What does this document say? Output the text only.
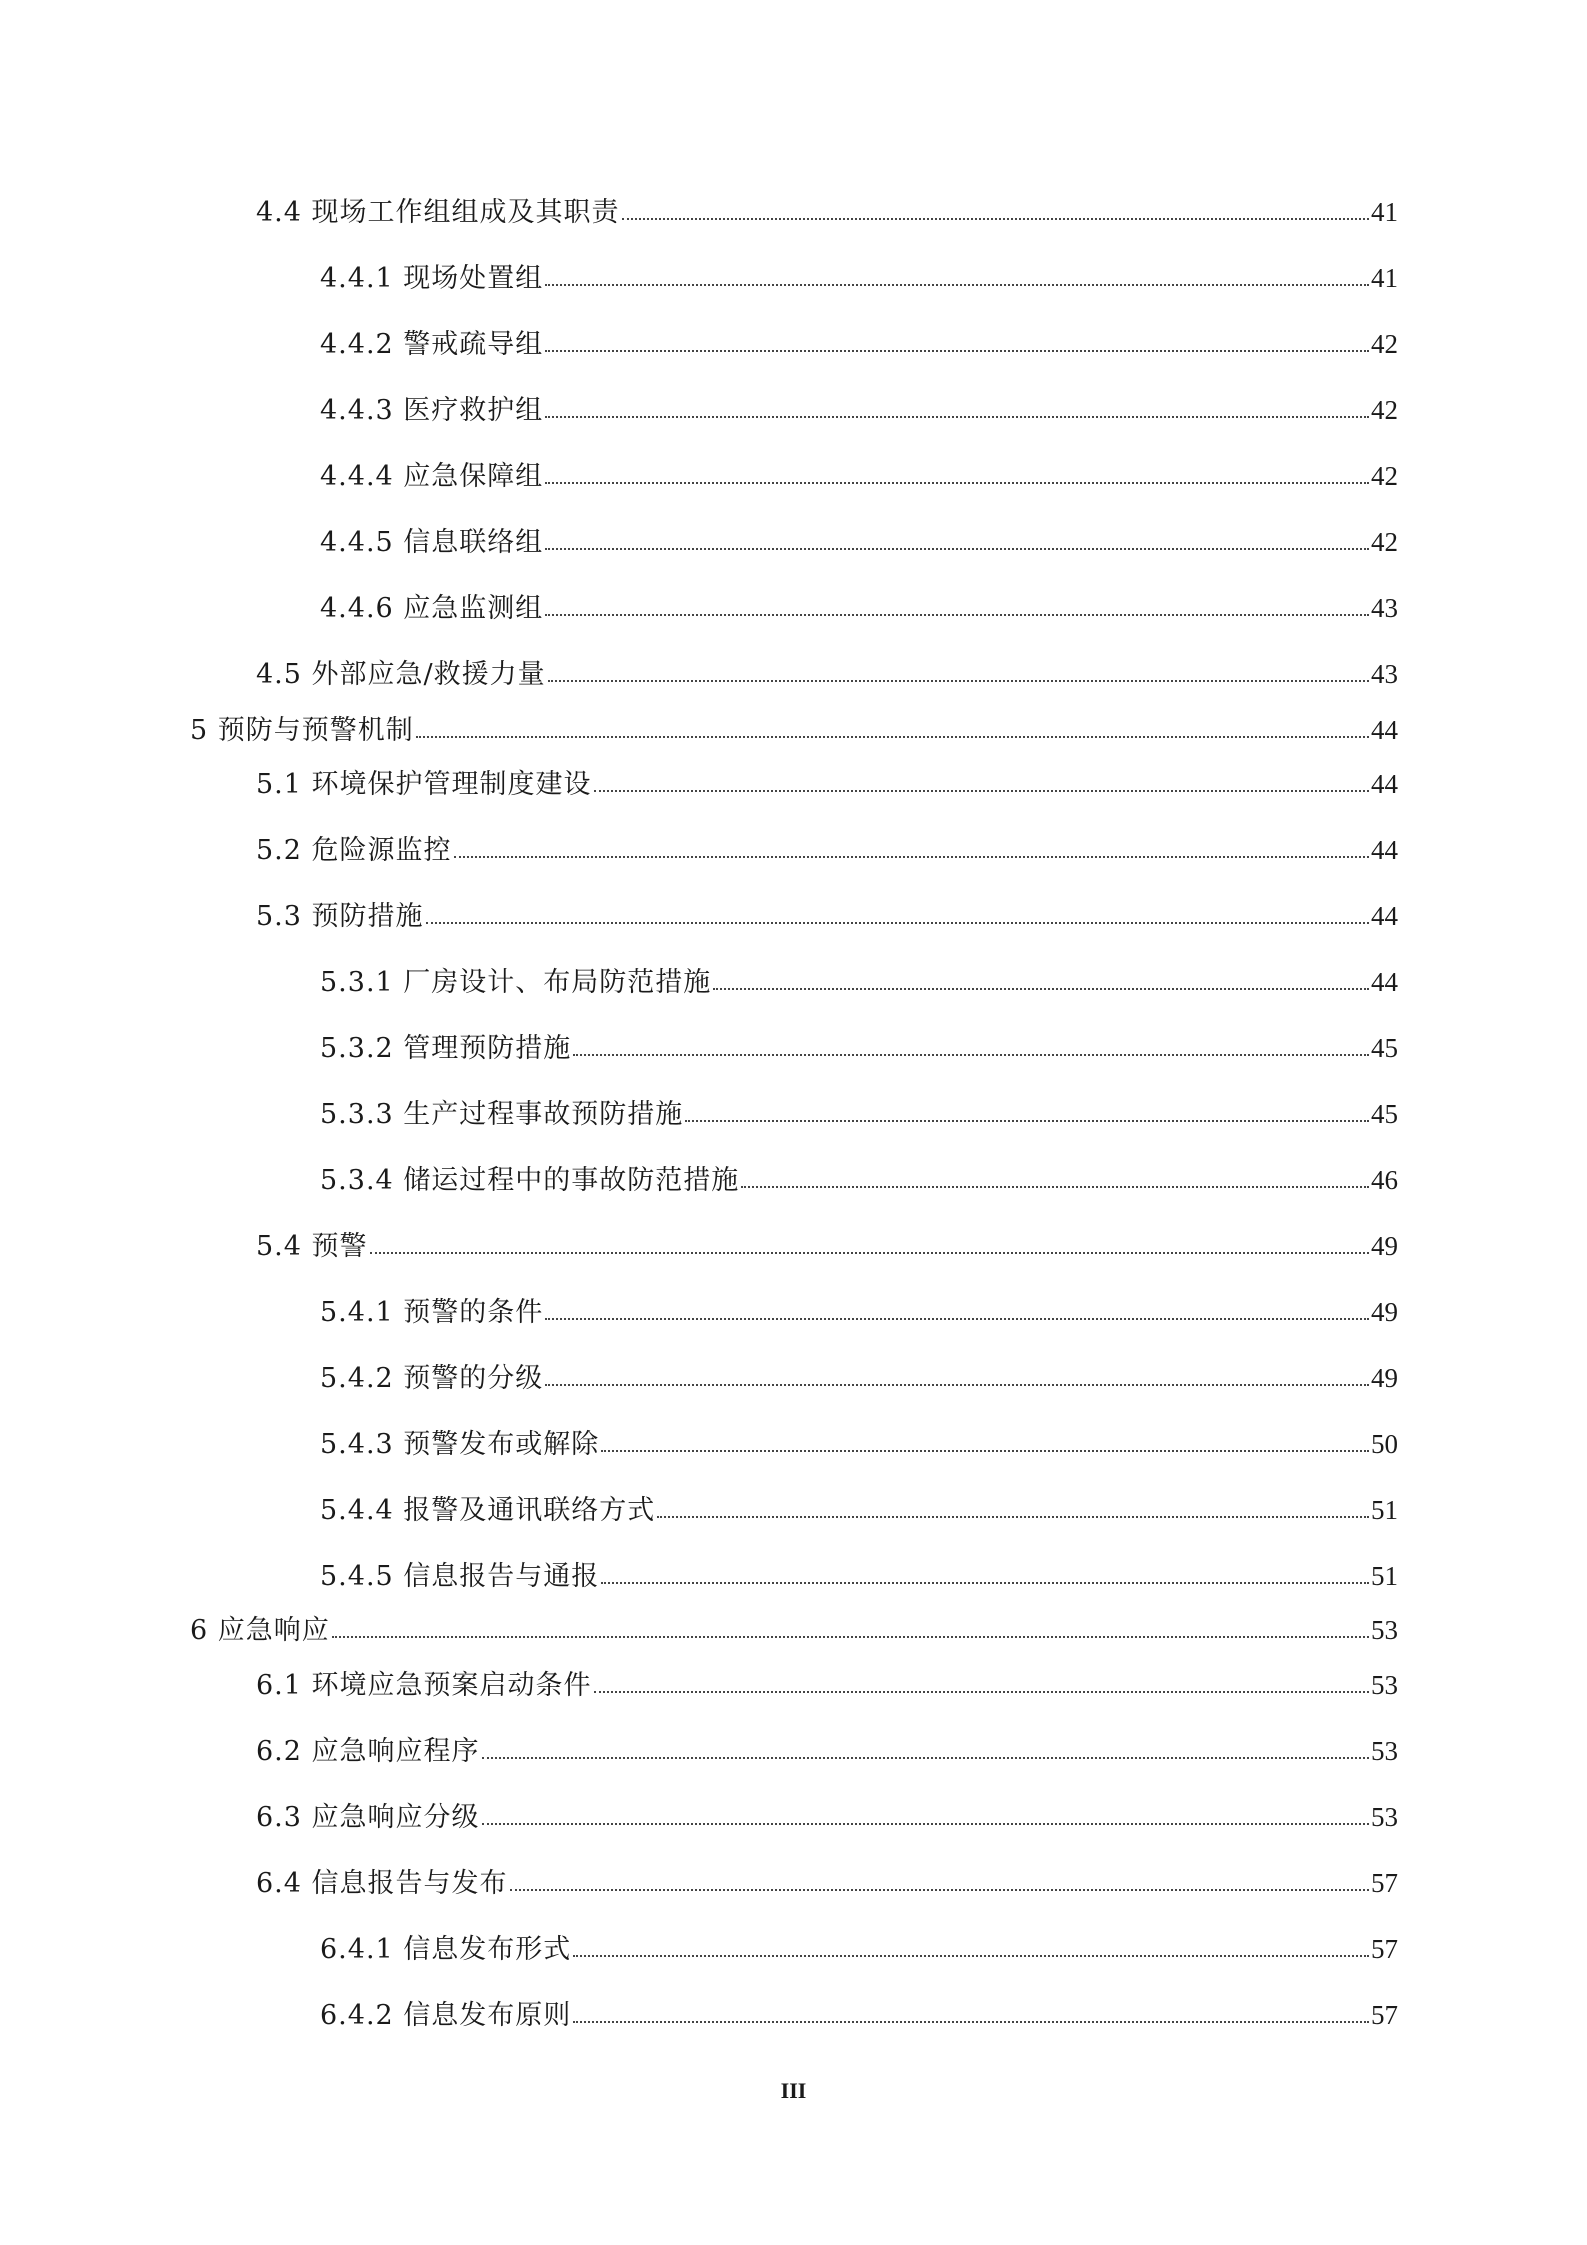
4.4 现场工作组组成及其职责	41
4.4.1 现场处置组	41
4.4.2 警戒疏导组	42
4.4.3 医疗救护组	42
4.4.4 应急保障组	42
4.4.5 信息联络组	42
4.4.6 应急监测组	43
4.5 外部应急/救援力量	43
5 预防与预警机制	44
5.1 环境保护管理制度建设	44
5.2 危险源监控	44
5.3 预防措施	44
5.3.1 厂房设计、布局防范措施	44
5.3.2 管理预防措施	45
5.3.3 生产过程事故预防措施	45
5.3.4 储运过程中的事故防范措施	46
5.4 预警	49
5.4.1 预警的条件	49
5.4.2 预警的分级	49
5.4.3 预警发布或解除	50
5.4.4 报警及通讯联络方式	51
5.4.5 信息报告与通报	51
6 应急响应	53
6.1 环境应急预案启动条件	53
6.2 应急响应程序	53
6.3 应急响应分级	53
6.4 信息报告与发布	57
6.4.1 信息发布形式	57
6.4.2 信息发布原则	57
III
